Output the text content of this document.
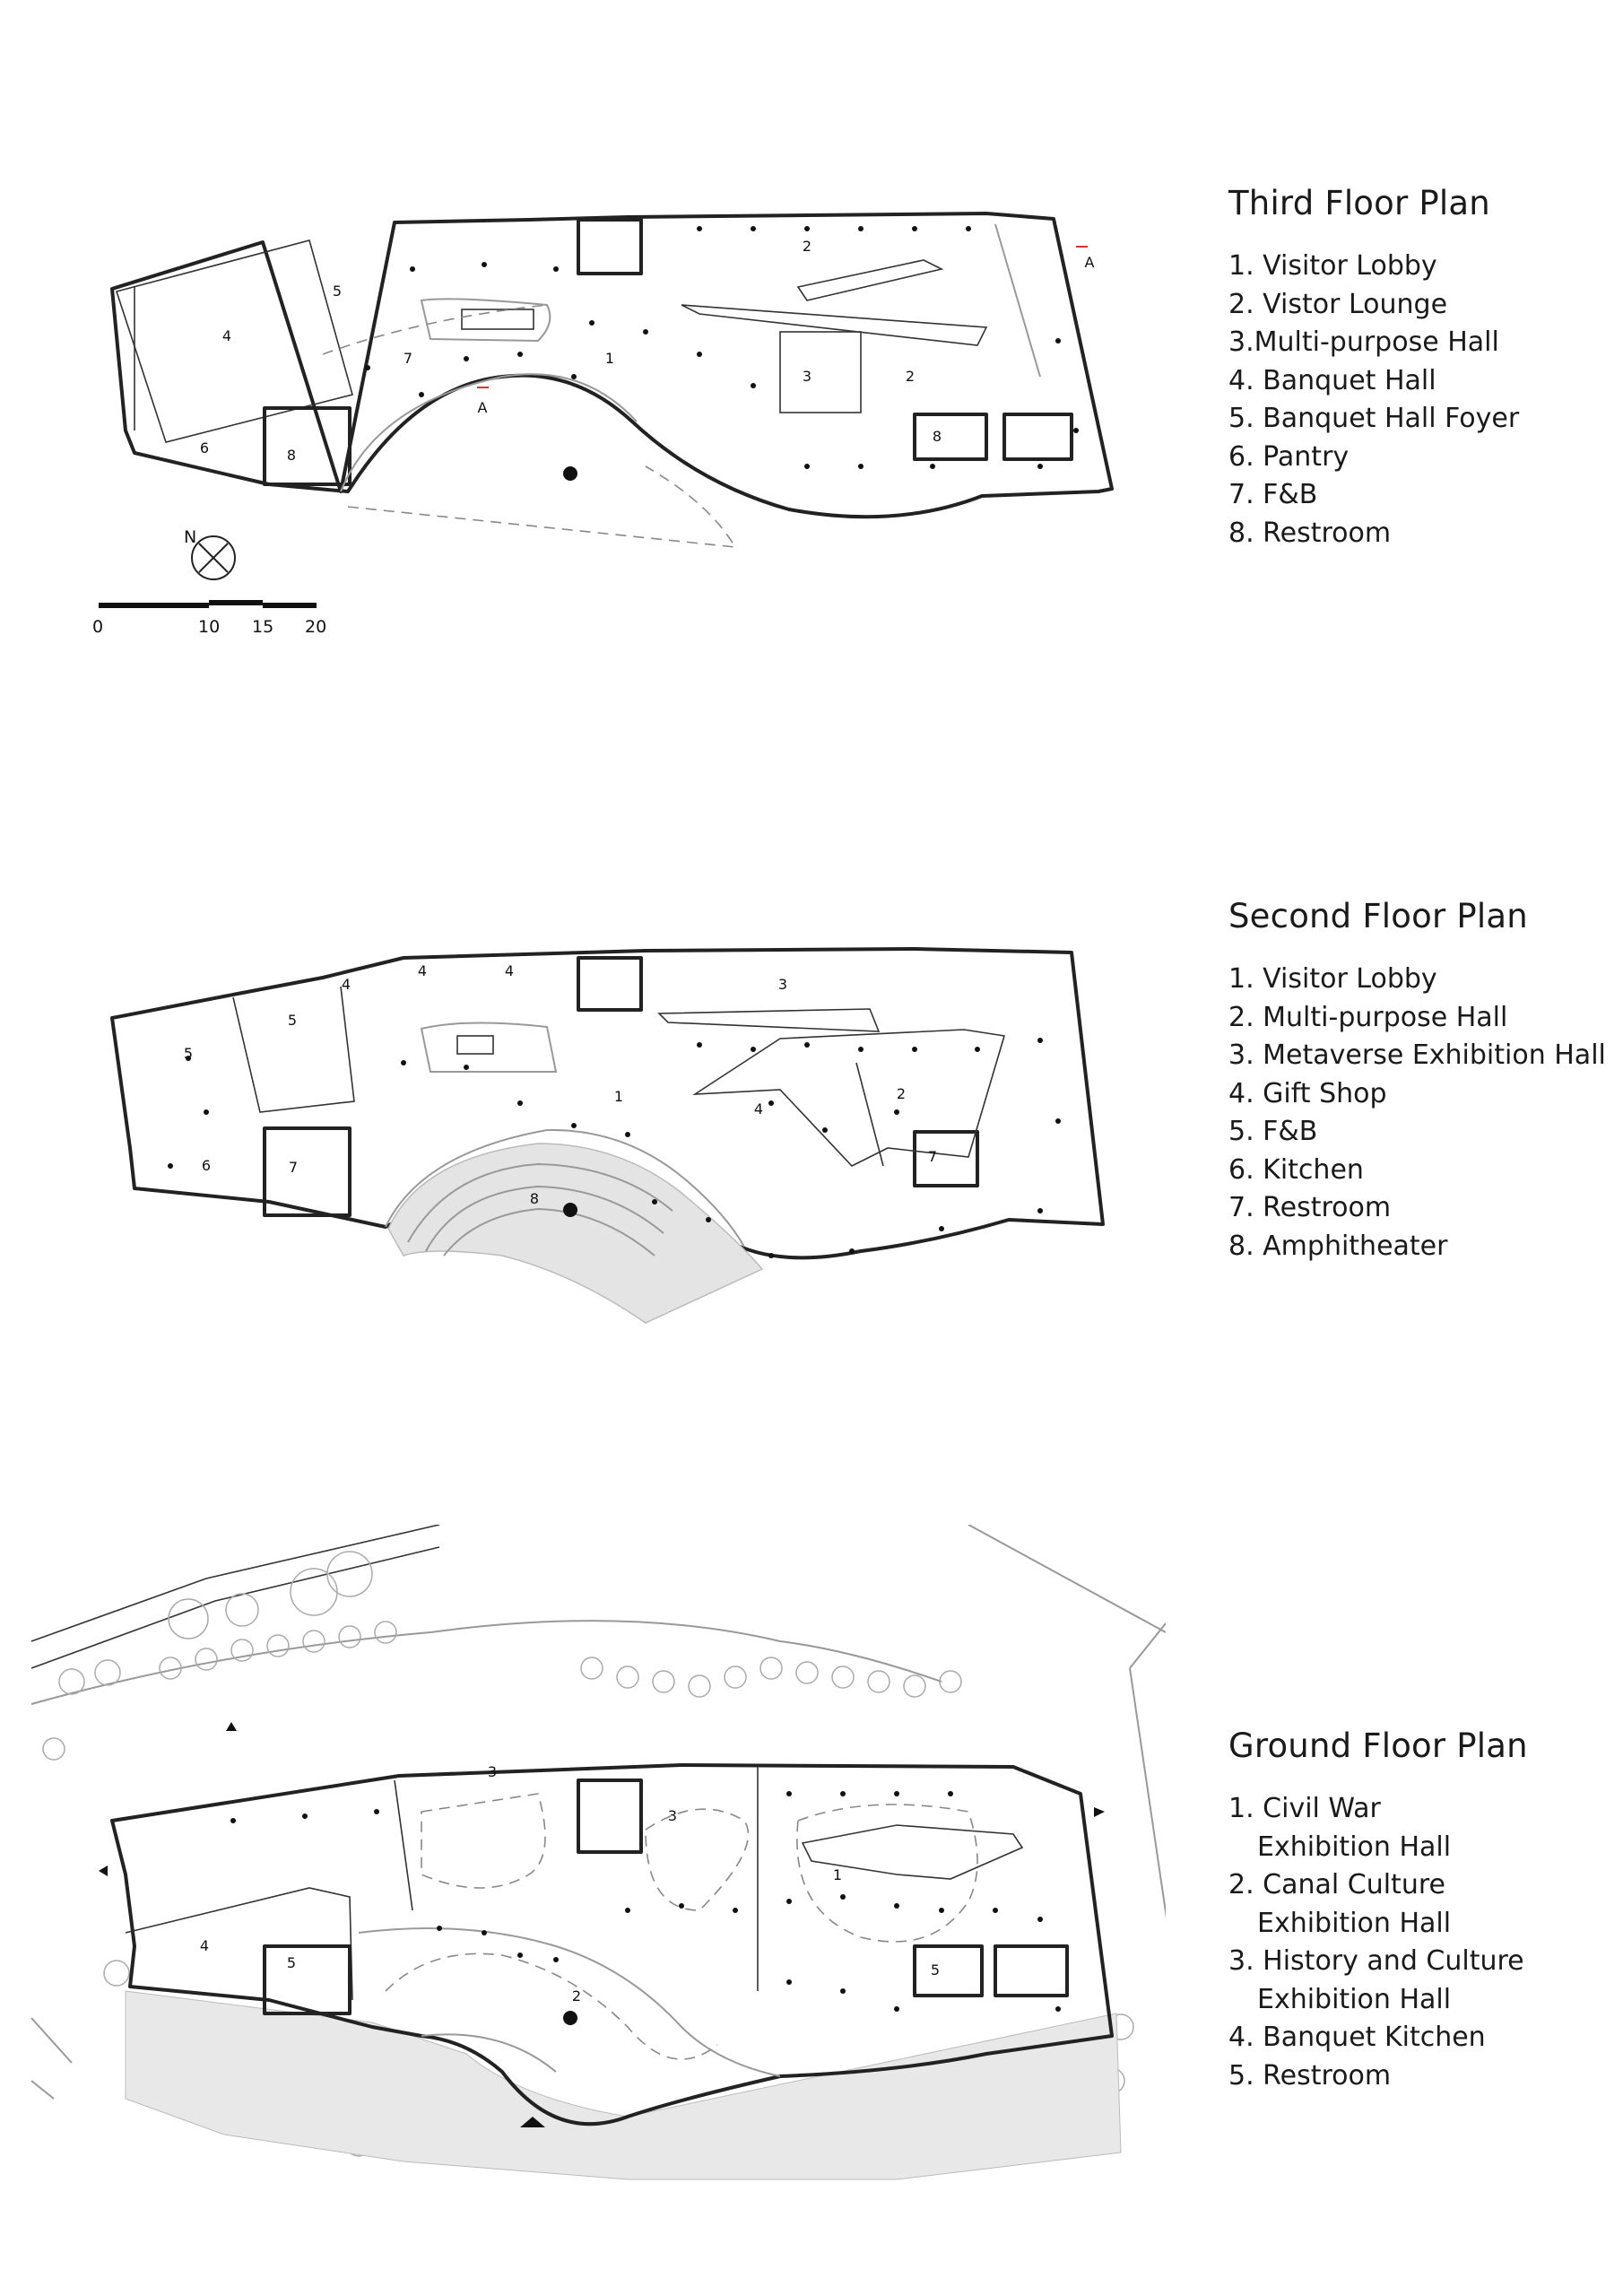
1
2
2
3
4
5
6
7
8
8
A
A
N
0	10 15 20
Third Floor Plan
1. Visitor Lobby
2. Vistor Lounge
3.Multi-purpose Hall
4. Banquet Hall
5. Banquet Hall Foyer
6. Pantry
7. F&B
8. Restroom
1	2
3
4
4
4	4
5
5
6	7
7
8
Second Floor Plan
1. Visitor Lobby
2. Multi-purpose Hall
3. Metaverse Exhibition Hall
4. Gift Shop
5. F&B
6. Kitchen
7. Restroom
8. Amphitheater
1
2
3
3
4
5	5
Ground Floor Plan
1. Civil War
Exhibition Hall
2. Canal Culture
Exhibition Hall
3. History and Culture
Exhibition Hall
4. Banquet Kitchen
5. Restroom
